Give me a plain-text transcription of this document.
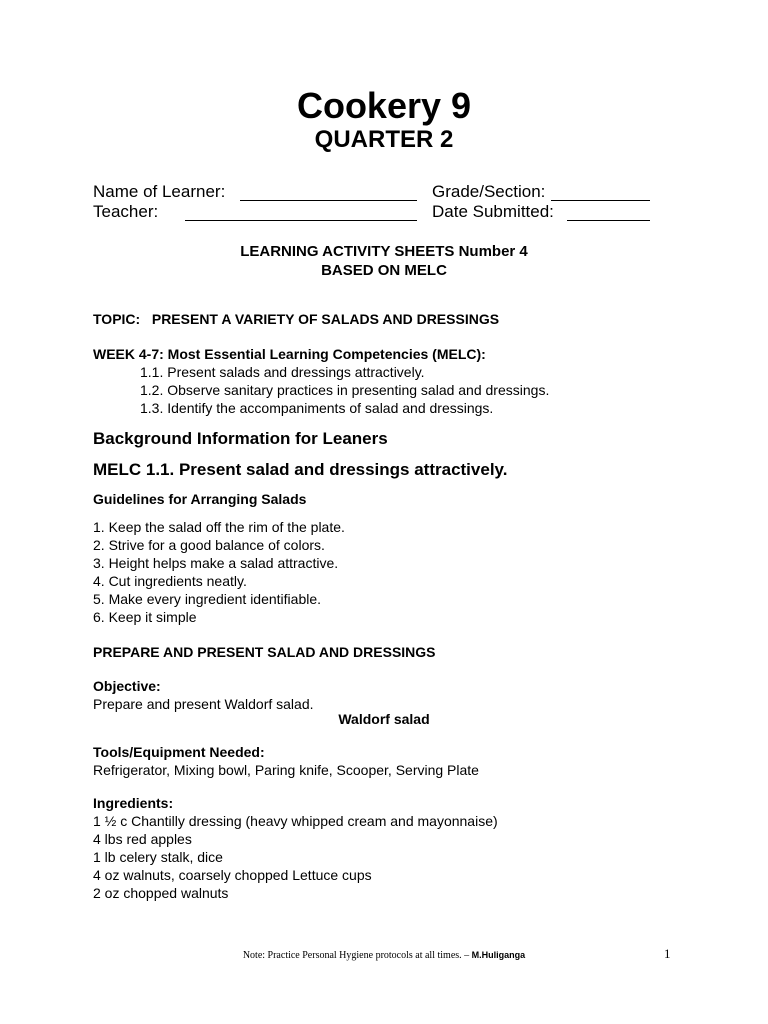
Cookery 9
QUARTER 2
Name of Learner:	Grade/Section:
Teacher:	Date Submitted:
LEARNING ACTIVITY SHEETS Number 4
BASED ON MELC
TOPIC:   PRESENT A VARIETY OF SALADS AND DRESSINGS
WEEK 4-7: Most Essential Learning Competencies (MELC):
1.1. Present salads and dressings attractively.
1.2. Observe sanitary practices in presenting salad and dressings.
1.3. Identify the accompaniments of salad and dressings.
Background Information for Leaners
MELC 1.1. Present salad and dressings attractively.
Guidelines for Arranging Salads
1. Keep the salad off the rim of the plate.
2. Strive for a good balance of colors.
3. Height helps make a salad attractive.
4. Cut ingredients neatly.
5. Make every ingredient identifiable.
6. Keep it simple
PREPARE AND PRESENT SALAD AND DRESSINGS
Objective:
Prepare and present Waldorf salad.
Waldorf salad
Tools/Equipment Needed:
Refrigerator, Mixing bowl, Paring knife, Scooper, Serving Plate
Ingredients:
1 ½ c Chantilly dressing (heavy whipped cream and mayonnaise)
4 lbs red apples
1 lb celery stalk, dice
4 oz walnuts, coarsely chopped Lettuce cups
2 oz chopped walnuts
Note: Practice Personal Hygiene protocols at all times. – M.Huliganga	1
